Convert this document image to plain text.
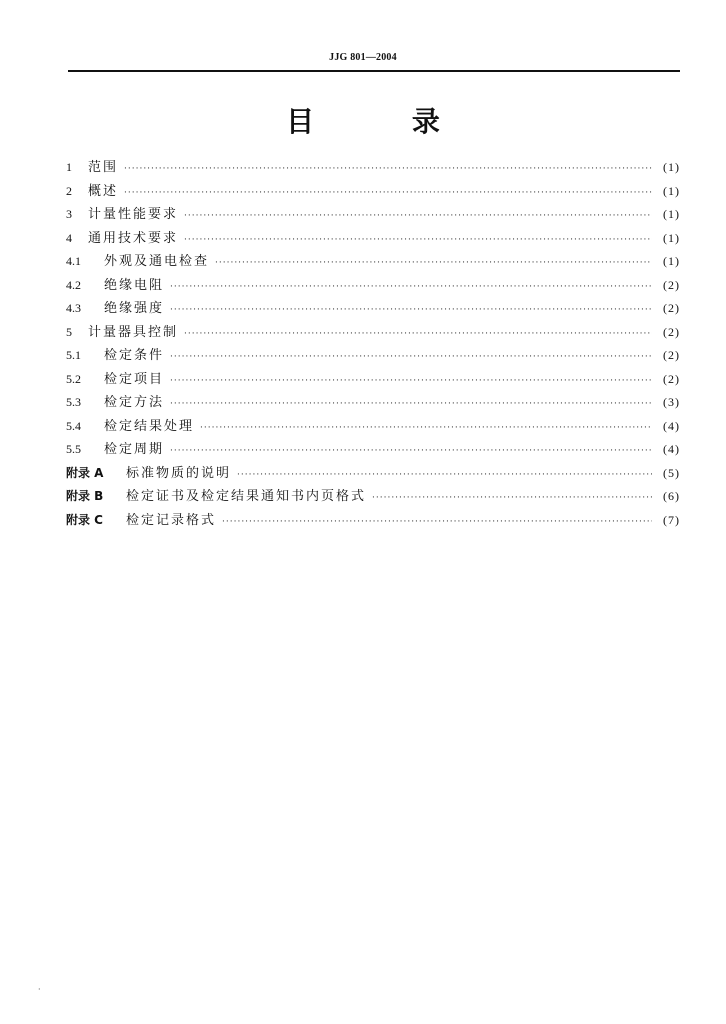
JJG 801—2004
目 录
1	范围 ·····	(1)
2	概述 ·····	(1)
3	计量性能要求 ·····	(1)
4	通用技术要求 ·····	(1)
4.1	外观及通电检查 ·····	(1)
4.2	绝缘电阻 ·····	(2)
4.3	绝缘强度 ·····	(2)
5	计量器具控制 ·····	(2)
5.1	检定条件 ·····	(2)
5.2	检定项目 ·····	(2)
5.3	检定方法 ·····	(3)
5.4	检定结果处理 ·····	(4)
5.5	检定周期 ·····	(4)
附录 A	标准物质的说明 ·····	(5)
附录 B	检定证书及检定结果通知书内页格式 ·····	(6)
附录 C	检定记录格式 ·····	(7)
·
